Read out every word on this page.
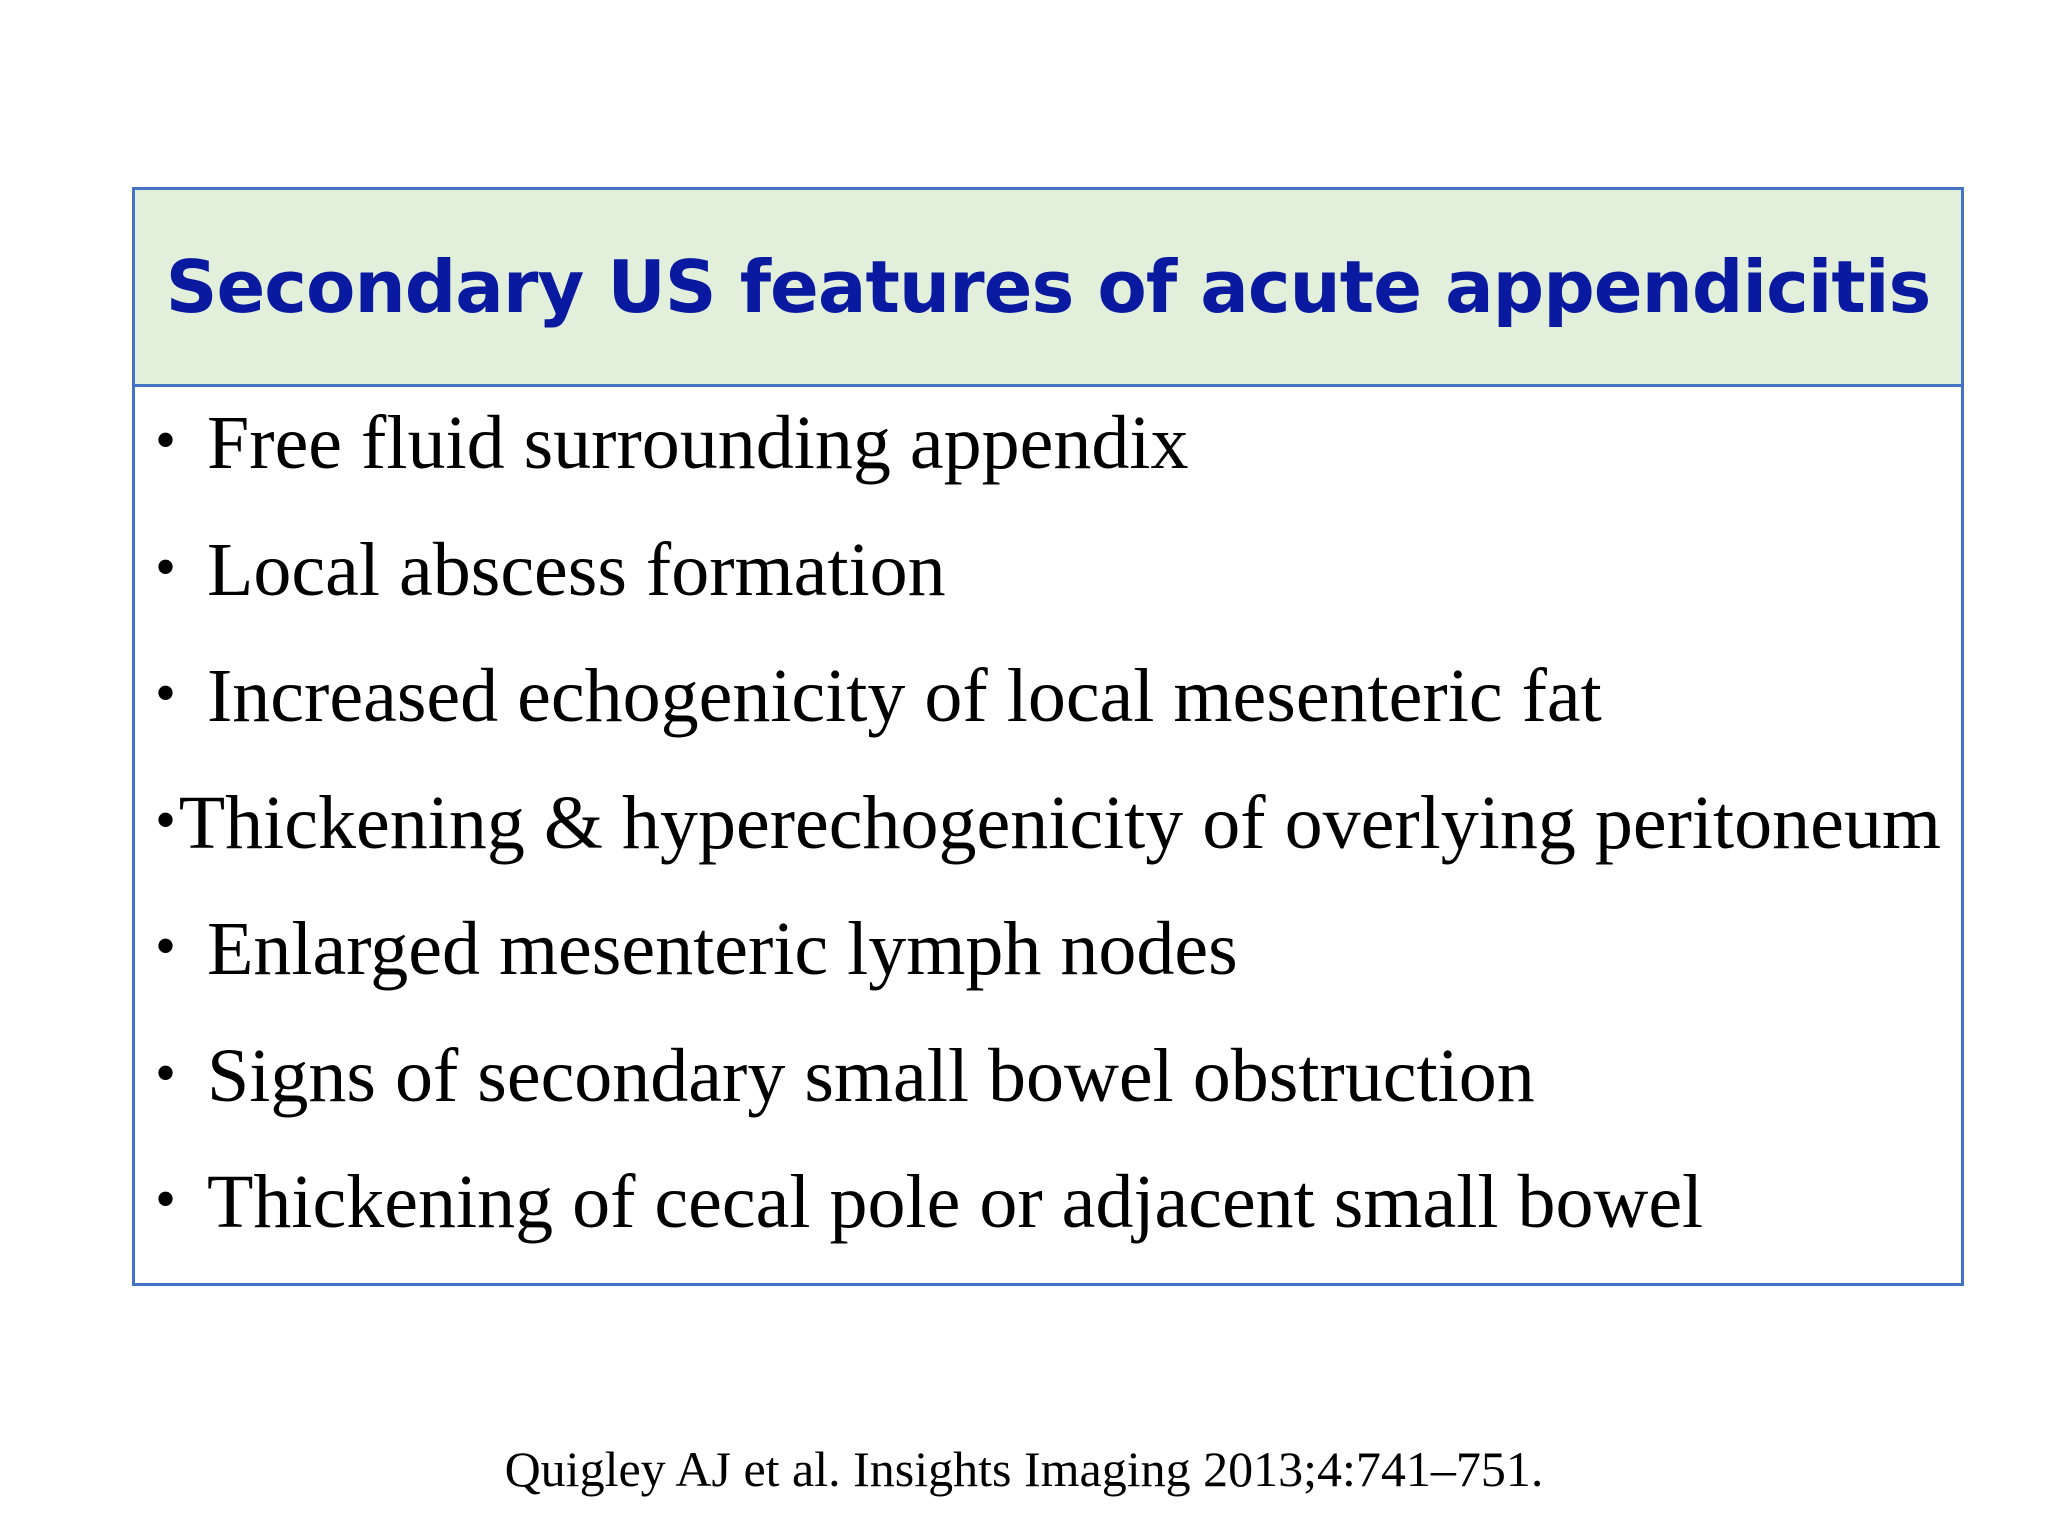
Secondary US features of acute appendicitis
• Free fluid surrounding appendix
• Local abscess formation
• Increased echogenicity of local mesenteric fat
• Thickening & hyperechogenicity of overlying peritoneum
• Enlarged mesenteric lymph nodes
• Signs of secondary small bowel obstruction
• Thickening of cecal pole or adjacent small bowel
Quigley AJ et al. Insights Imaging 2013;4:741–751.
